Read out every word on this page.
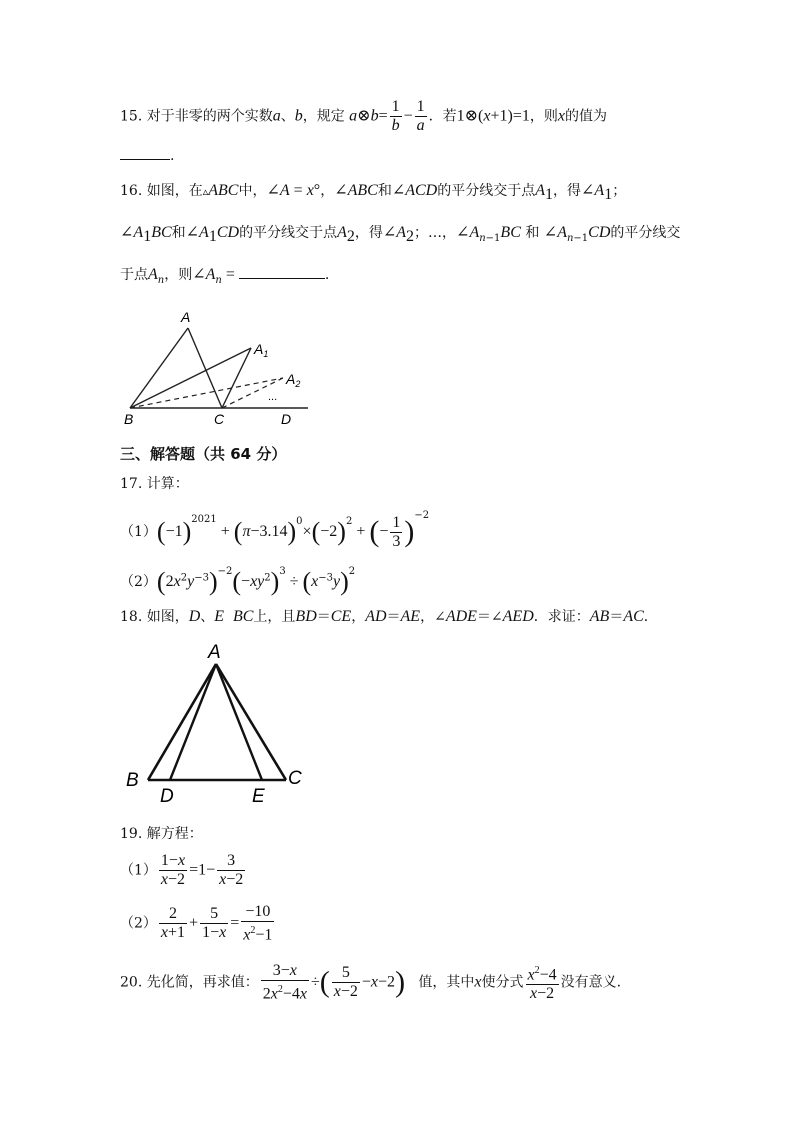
15. 对于非零的两个实数a、b，规定 a⊗b= $\frac{1}{b} - \frac{1}{a}$ ．若1⊗(x+1)=1，则x的值为
.
16. 如图，在▵ABC中，∠A = x°，∠ABC和∠ACD的平分线交于点$A_1$，得$\angle A_1$；
$\angle A_1BC$和$\angle A_1CD$的平分线交于点$A_2$，得$\angle A_2$；…，$\angle A_{n-1}BC$ 和 $\angle A_{n-1}CD$的平分线交
于点$A_n$，则$\angle A_n$ =	.
A
$A_1$
$A_2$
...
B	C	D
三、解答题（共 64 分）
17. 计算：
$(1)(-1)^{2021} + (\pi-3.14)^0\times(-2)^2$ + (− $\frac{1}{3} )^{-2}$
$(2)(2x^2y^{-3})^{-2}(-xy^2)^3 \div (x^{-3}y)^2$
18. 如图，D、E BC上，且BD＝CE，AD＝AE，∠ADE＝∠AED．求证：AB＝AC．
A
B	C
D	E
19. 解方程：
$(1) \frac{1-x}{x-2} =1- \frac{3}{x-2}$
$(2) \frac{2}{x+1} + \frac{5}{1-x} = \frac{-10}{x^2-1}$
20. 先化简，再求值： $\frac{3-x}{2x^2-4x}$ ÷( $\frac{5}{x-2} -x-2$) 值，其中x使分式 $\frac{x^2-4}{x-2}$ 没有意义.
